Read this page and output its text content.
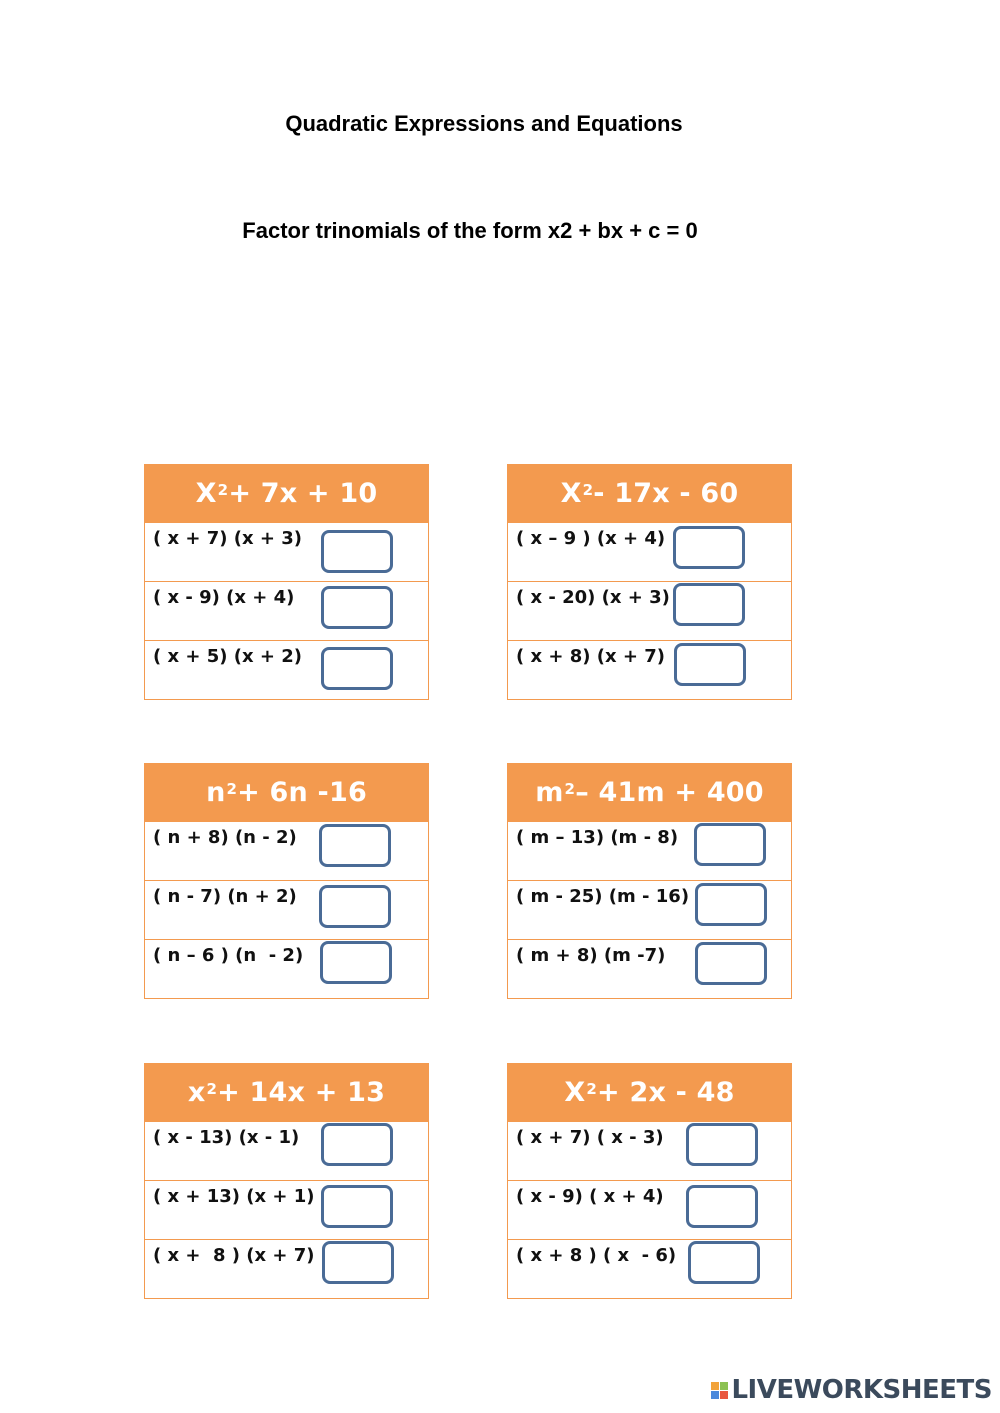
Quadratic Expressions and Equations
Factor trinomials of the form x2 + bx + c = 0
$X^2 + 7x + 10$
( x + 7) (x + 3)
( x - 9) (x + 4)
( x + 5) (x + 2)
$X^2 - 17x - 60$
( x – 9 ) (x + 4)
( x - 20) (x + 3)
( x + 8) (x + 7)
$n^2 + 6n$ -16
( n + 8) (n - 2)
( n - 7) (n + 2)
( n – 6 ) (n  - 2)
$m^2 - 41m + 400$
( m – 13) (m - 8)
( m - 25) (m - 16)
( m + 8) (m -7)
$x^2 + 14x + 13$
( x - 13) (x - 1)
( x + 13) (x + 1)
( x +  8 ) (x + 7)
$X^2 + 2x - 48$
( x + 7) ( x - 3)
( x - 9) ( x + 4)
( x + 8 ) ( x  - 6)
LIVEWORKSHEETS
